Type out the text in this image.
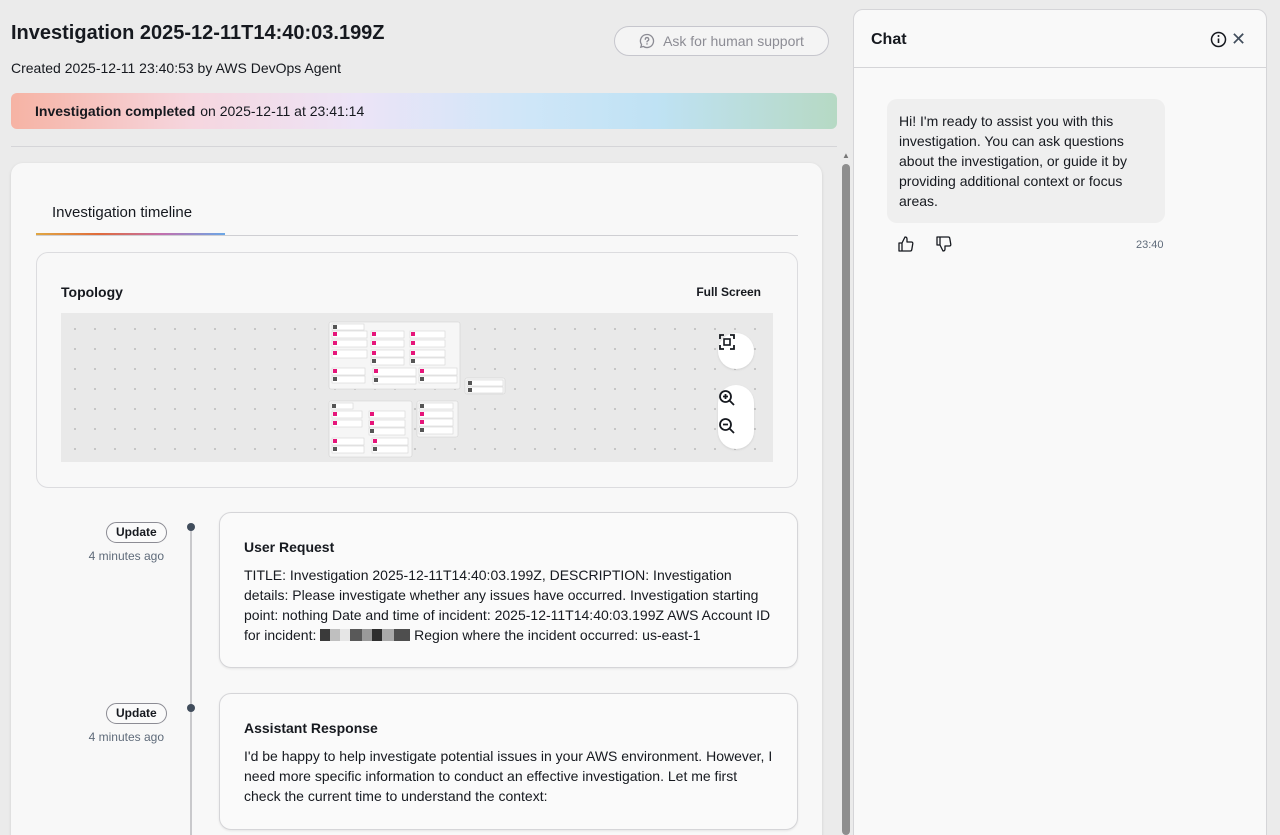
Investigation 2025-12-11T14:40:03.199Z
Created 2025-12-11 23:40:53 by AWS DevOps Agent
Ask for human support
Investigation completed on 2025-12-11 at 23:41:14
▲
Investigation timeline
Topology	Full Screen
Update
4 minutes ago
User Request

TITLE: Investigation 2025-12-11T14:40:03.199Z, DESCRIPTION: Investigation details: Please investigate whether any issues have occurred. Investigation starting point: nothing Date and time of incident: 2025-12-11T14:40:03.199Z AWS Account ID for incident:	Region where the incident occurred: us-east-1

Update
4 minutes ago
Assistant Response

I'd be happy to help investigate potential issues in your AWS environment. However, I need more specific information to conduct an effective investigation. Let me first check the current time to understand the context:

Chat	✕
Hi! I'm ready to assist you with this investigation. You can ask questions about the investigation, or guide it by providing additional context or focus areas.
23:40
